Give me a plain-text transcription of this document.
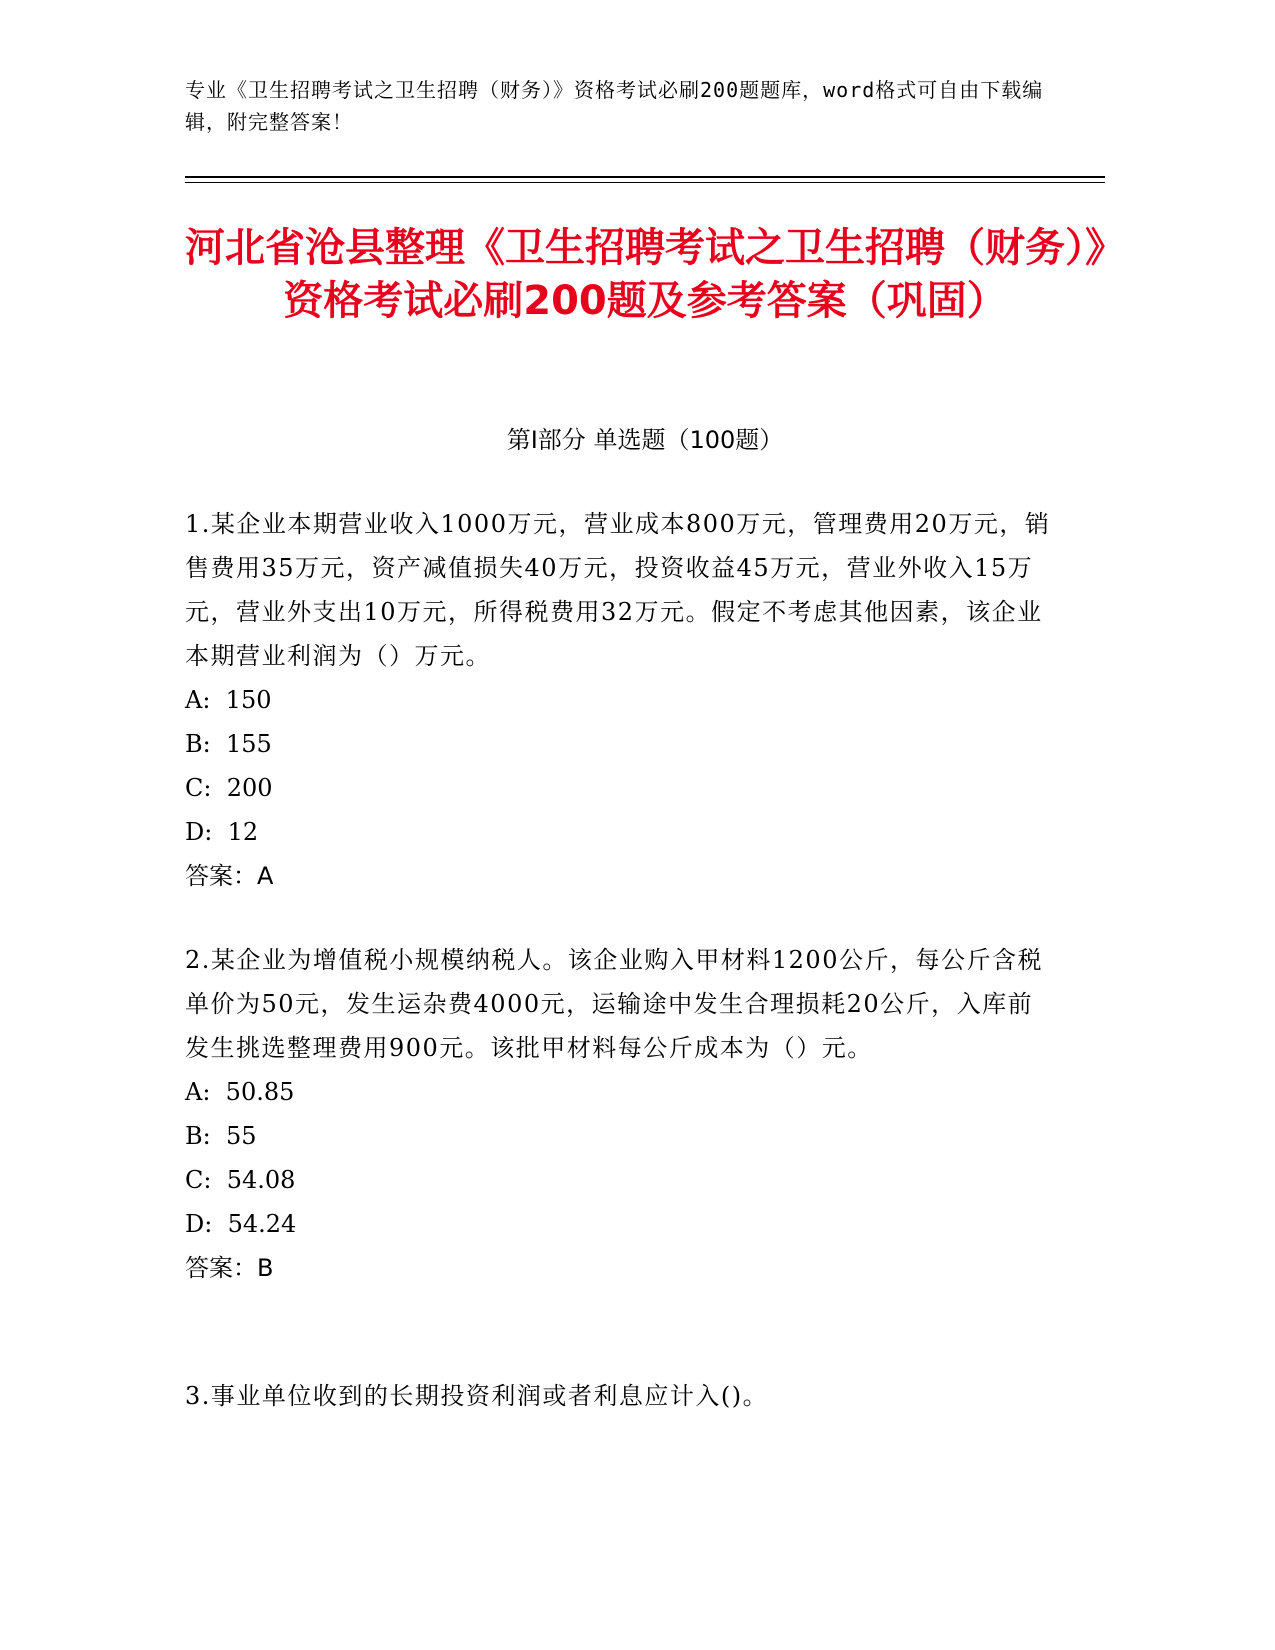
专业《卫生招聘考试之卫生招聘（财务）》资格考试必刷200题题库，word格式可自由下载编辑，附完整答案！
河北省沧县整理《卫生招聘考试之卫生招聘（财务）》资格考试必刷200题及参考答案（巩固）
第I部分 单选题（100题）

1.某企业本期营业收入1000万元，营业成本800万元，管理费用20万元，销售费用35万元，资产减值损失40万元，投资收益45万元，营业外收入15万元，营业外支出10万元，所得税费用32万元。假定不考虑其他因素，该企业本期营业利润为（）万元。

A:  150

B:  155

C:  200

D:  12

答案：A

2.某企业为增值税小规模纳税人。该企业购入甲材料1200公斤，每公斤含税单价为50元，发生运杂费4000元，运输途中发生合理损耗20公斤，入库前发生挑选整理费用900元。该批甲材料每公斤成本为（）元。

A:  50.85

B:  55

C:  54.08

D:  54.24

答案：B

3.事业单位收到的长期投资利润或者利息应计入()。
